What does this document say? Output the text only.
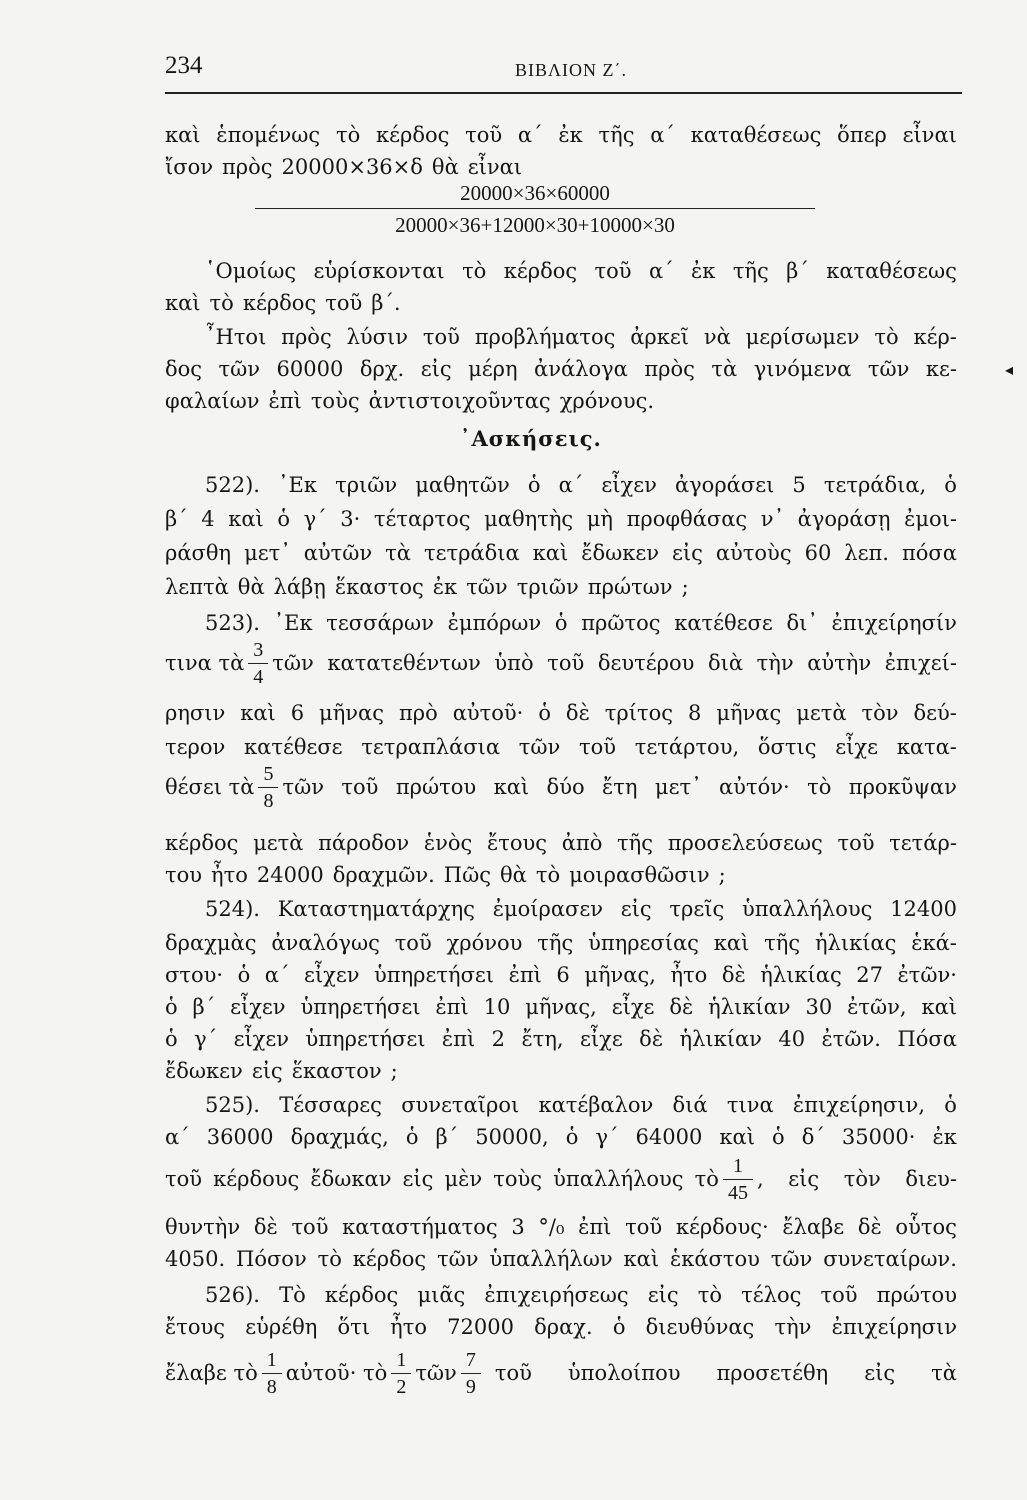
234	ΒΙΒΛΙΟΝ Ζ΄.
καὶ ἑπομένως τὸ κέρδος τοῦ α΄ ἐκ τῆς α΄ καταθέσεως ὅπερ εἶναι
ἴσον πρὸς 20000×36×δ θὰ εἶναι
$\frac{20000\times 36\times 60000}{20000\times 36+12000\times 30+10000\times 30}$
῾Ομοίως εὑρίσκονται τὸ κέρδος τοῦ α΄ ἐκ τῆς β΄ καταθέσεως
καὶ τὸ κέρδος τοῦ β΄.
῏Ητοι πρὸς λύσιν τοῦ προβλήματος ἀρκεῖ νὰ μερίσωμεν τὸ κέρ-
δος τῶν 60000 δρχ. εἰς μέρη ἀνάλογα πρὸς τὰ γινόμενα τῶν κε-
φαλαίων ἐπὶ τοὺς ἀντιστοιχοῦντας χρόνους.
◂
᾿Ασκήσεις.
522). ᾿Εκ τριῶν μαθητῶν ὁ α΄ εἶχεν ἀγοράσει 5 τετράδια, ὁ
β΄ 4 καὶ ὁ γ΄ 3· τέταρτος μαθητὴς μὴ προφθάσας ν᾿ ἀγοράσῃ ἐμοι-
ράσθη μετ᾿ αὐτῶν τὰ τετράδια καὶ ἔδωκεν εἰς αὐτοὺς 60 λεπ. πόσα
λεπτὰ θὰ λάβῃ ἕκαστος ἐκ τῶν τριῶν πρώτων ;
523). ᾿Εκ τεσσάρων ἐμπόρων ὁ πρῶτος κατέθεσε δι᾿ ἐπιχείρησίν
τινα τὰ $\frac{3}{4}$ τῶν κατατεθέντων ὑπὸ τοῦ δευτέρου διὰ τὴν αὐτὴν ἐπιχεί-
ρησιν καὶ 6 μῆνας πρὸ αὐτοῦ· ὁ δὲ τρίτος 8 μῆνας μετὰ τὸν δεύ-
τερον κατέθεσε τετραπλάσια τῶν τοῦ τετάρτου, ὅστις εἶχε κατα-
θέσει τὰ $\frac{5}{8}$ τῶν τοῦ πρώτου καὶ δύο ἔτη μετ᾿ αὐτόν· τὸ προκῦψαν
κέρδος μετὰ πάροδον ἑνὸς ἔτους ἀπὸ τῆς προσελεύσεως τοῦ τετάρ-
του ἦτο 24000 δραχμῶν. Πῶς θὰ τὸ μοιρασθῶσιν ;
524). Καταστηματάρχης ἐμοίρασεν εἰς τρεῖς ὑπαλλήλους 12400
δραχμὰς ἀναλόγως τοῦ χρόνου τῆς ὑπηρεσίας καὶ τῆς ἡλικίας ἑκά-
στου· ὁ α΄ εἶχεν ὑπηρετήσει ἐπὶ 6 μῆνας, ἦτο δὲ ἡλικίας 27 ἐτῶν·
ὁ β΄ εἶχεν ὑπηρετήσει ἐπὶ 10 μῆνας, εἶχε δὲ ἡλικίαν 30 ἐτῶν, καὶ
ὁ γ΄ εἶχεν ὑπηρετήσει ἐπὶ 2 ἔτη, εἶχε δὲ ἡλικίαν 40 ἐτῶν. Πόσα
ἔδωκεν εἰς ἕκαστον ;
525). Τέσσαρες συνεταῖροι κατέβαλον διά τινα ἐπιχείρησιν, ὁ
α΄ 36000 δραχμάς, ὁ β΄ 50000, ὁ γ΄ 64000 καὶ ὁ δ΄ 35000· ἐκ
τοῦ κέρδους ἔδωκαν εἰς μὲν τοὺς ὑπαλλήλους τὸ $\frac{1}{45}$ , εἰς τὸν διευ-
θυντὴν δὲ τοῦ καταστήματος 3 °/₀ ἐπὶ τοῦ κέρδους· ἔλαβε δὲ οὗτος
4050. Πόσον τὸ κέρδος τῶν ὑπαλλήλων καὶ ἑκάστου τῶν συνεταίρων.
526). Τὸ κέρδος μιᾶς ἐπιχειρήσεως εἰς τὸ τέλος τοῦ πρώτου
ἔτους εὑρέθη ὅτι ἦτο 72000 δραχ. ὁ διευθύνας τὴν ἐπιχείρησιν
ἔλαβε τὸ $\frac{1}{8}$ αὐτοῦ· τὸ $\frac{1}{2}$ τῶν $\frac{7}{9}$ τοῦ ὑπολοίπου προσετέθη εἰς τὰ
